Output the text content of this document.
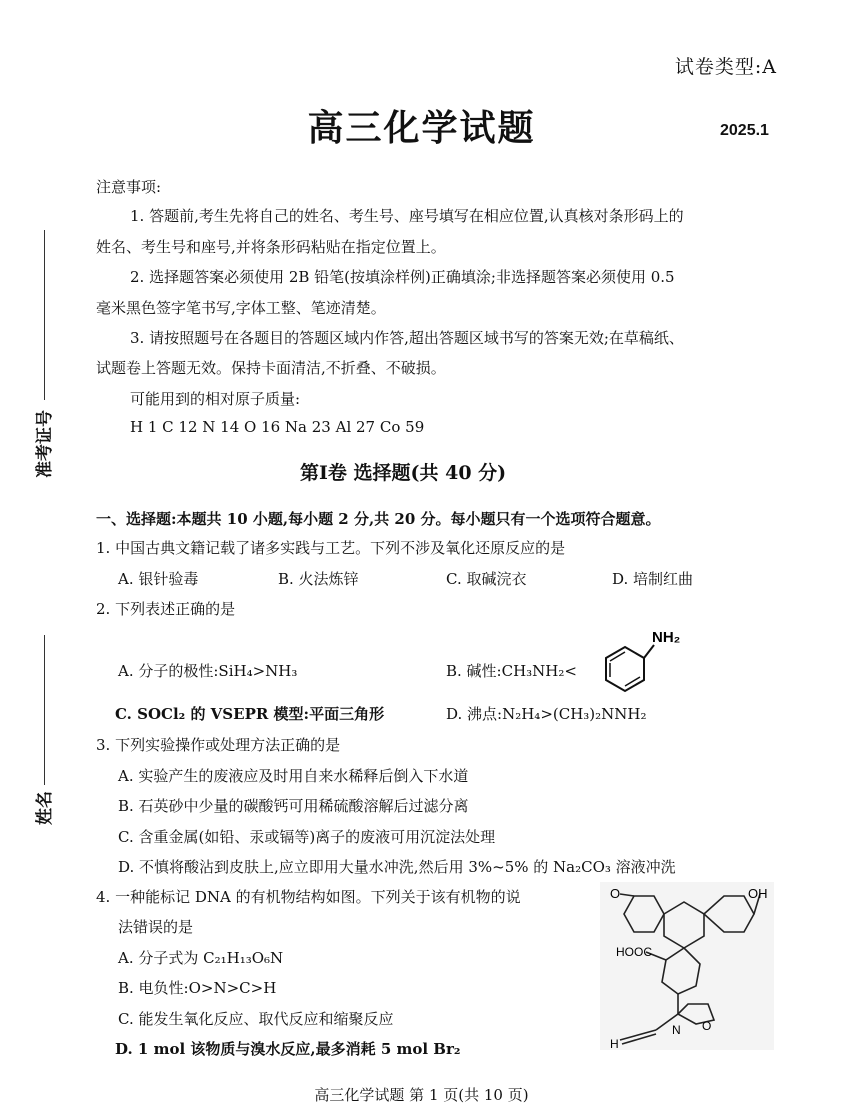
试卷类型:A
高三化学试题	2025.1
准考证号
姓名
注意事项:
1. 答题前,考生先将自己的姓名、考生号、座号填写在相应位置,认真核对条形码上的
姓名、考生号和座号,并将条形码粘贴在指定位置上。
2. 选择题答案必须使用 2B 铅笔(按填涂样例)正确填涂;非选择题答案必须使用 0.5
毫米黑色签字笔书写,字体工整、笔迹清楚。
3. 请按照题号在各题目的答题区域内作答,超出答题区域书写的答案无效;在草稿纸、
试题卷上答题无效。保持卡面清洁,不折叠、不破损。
可能用到的相对原子质量:
H 1 C 12 N 14 O 16 Na 23 Al 27 Co 59
第Ⅰ卷 选择题(共 40 分)
一、选择题:本题共 10 小题,每小题 2 分,共 20 分。每小题只有一个选项符合题意。
1. 中国古典文籍记载了诸多实践与工艺。下列不涉及氧化还原反应的是
A. 银针验毒	B. 火法炼锌	C. 取碱浣衣	D. 培制红曲
2. 下列表述正确的是
A. 分子的极性:SiH₄>NH₃	B. 碱性:CH₃NH₂<
NH₂
C. SOCl₂ 的 VSEPR 模型:平面三角形	D. 沸点:N₂H₄>(CH₃)₂NNH₂
3. 下列实验操作或处理方法正确的是
A. 实验产生的废液应及时用自来水稀释后倒入下水道
B. 石英砂中少量的碳酸钙可用稀硫酸溶解后过滤分离
C. 含重金属(如铅、汞或镉等)离子的废液可用沉淀法处理
D. 不慎将酸沾到皮肤上,应立即用大量水冲洗,然后用 3%~5% 的 Na₂CO₃ 溶液冲洗
4. 一种能标记 DNA 的有机物结构如图。下列关于该有机物的说
法错误的是
A. 分子式为 C₂₁H₁₃O₆N
B. 电负性:O>N>C>H
C. 能发生氧化反应、取代反应和缩聚反应
D. 1 mol 该物质与溴水反应,最多消耗 5 mol Br₂
O	OH
HOOC
N O
H
高三化学试题 第 1 页(共 10 页)
